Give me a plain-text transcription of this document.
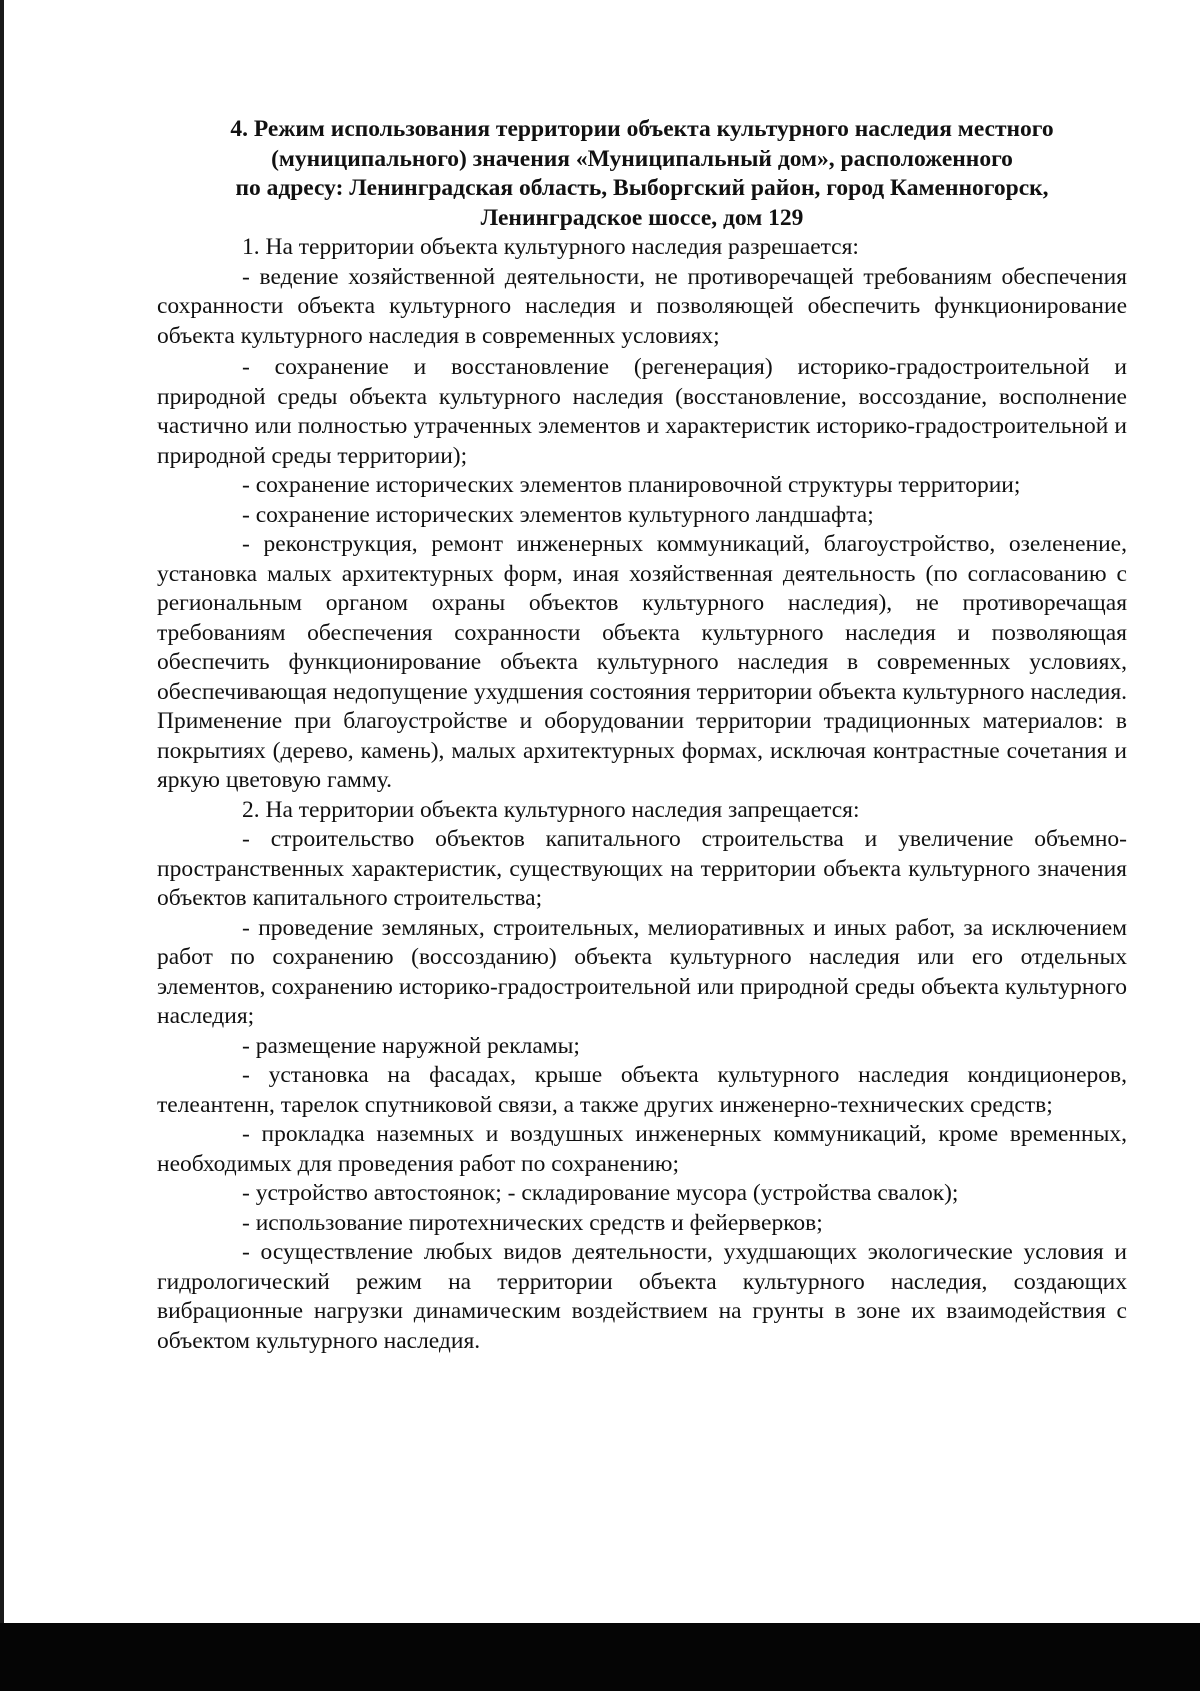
4. Режим использования территории объекта культурного наследия местного
(муниципального) значения «Муниципальный дом», расположенного
по адресу: Ленинградская область, Выборгский район, город Каменногорск,
Ленинградское шоссе, дом 129

1. На территории объекта культурного наследия разрешается:

- ведение хозяйственной деятельности, не противоречащей требованиям обеспечения сохранности объекта культурного наследия и позволяющей обеспечить функционирование объекта культурного наследия в современных условиях;

- сохранение и восстановление (регенерация) историко-градостроительной и природной среды объекта культурного наследия (восстановление, воссоздание, восполнение частично или полностью утраченных элементов и характеристик историко-градостроительной и природной среды территории);

- сохранение исторических элементов планировочной структуры территории;

- сохранение исторических элементов культурного ландшафта;

- реконструкция, ремонт инженерных коммуникаций, благоустройство, озеленение, установка малых архитектурных форм, иная хозяйственная деятельность (по согласованию с региональным органом охраны объектов культурного наследия), не противоречащая требованиям обеспечения сохранности объекта культурного наследия и позволяющая обеспечить функционирование объекта культурного наследия в современных условиях, обеспечивающая недопущение ухудшения состояния территории объекта культурного наследия. Применение при благоустройстве и оборудовании территории традиционных материалов: в покрытиях (дерево, камень), малых архитектурных формах, исключая контрастные сочетания и яркую цветовую гамму.

2. На территории объекта культурного наследия запрещается:

- строительство объектов капитального строительства и увеличение объемно-пространственных характеристик, существующих на территории объекта культурного значения объектов капитального строительства;

- проведение земляных, строительных, мелиоративных и иных работ, за исключением работ по сохранению (воссозданию) объекта культурного наследия или его отдельных элементов, сохранению историко-градостроительной или природной среды объекта культурного наследия;

- размещение наружной рекламы;

- установка на фасадах, крыше объекта культурного наследия кондиционеров, телеантенн, тарелок спутниковой связи, а также других инженерно-технических средств;

- прокладка наземных и воздушных инженерных коммуникаций, кроме временных, необходимых для проведения работ по сохранению;

- устройство автостоянок; - складирование мусора (устройства свалок);

- использование пиротехнических средств и фейерверков;

- осуществление любых видов деятельности, ухудшающих экологические условия и гидрологический режим на территории объекта культурного наследия, создающих вибрационные нагрузки динамическим воздействием на грунты в зоне их взаимодействия с объектом культурного наследия.
